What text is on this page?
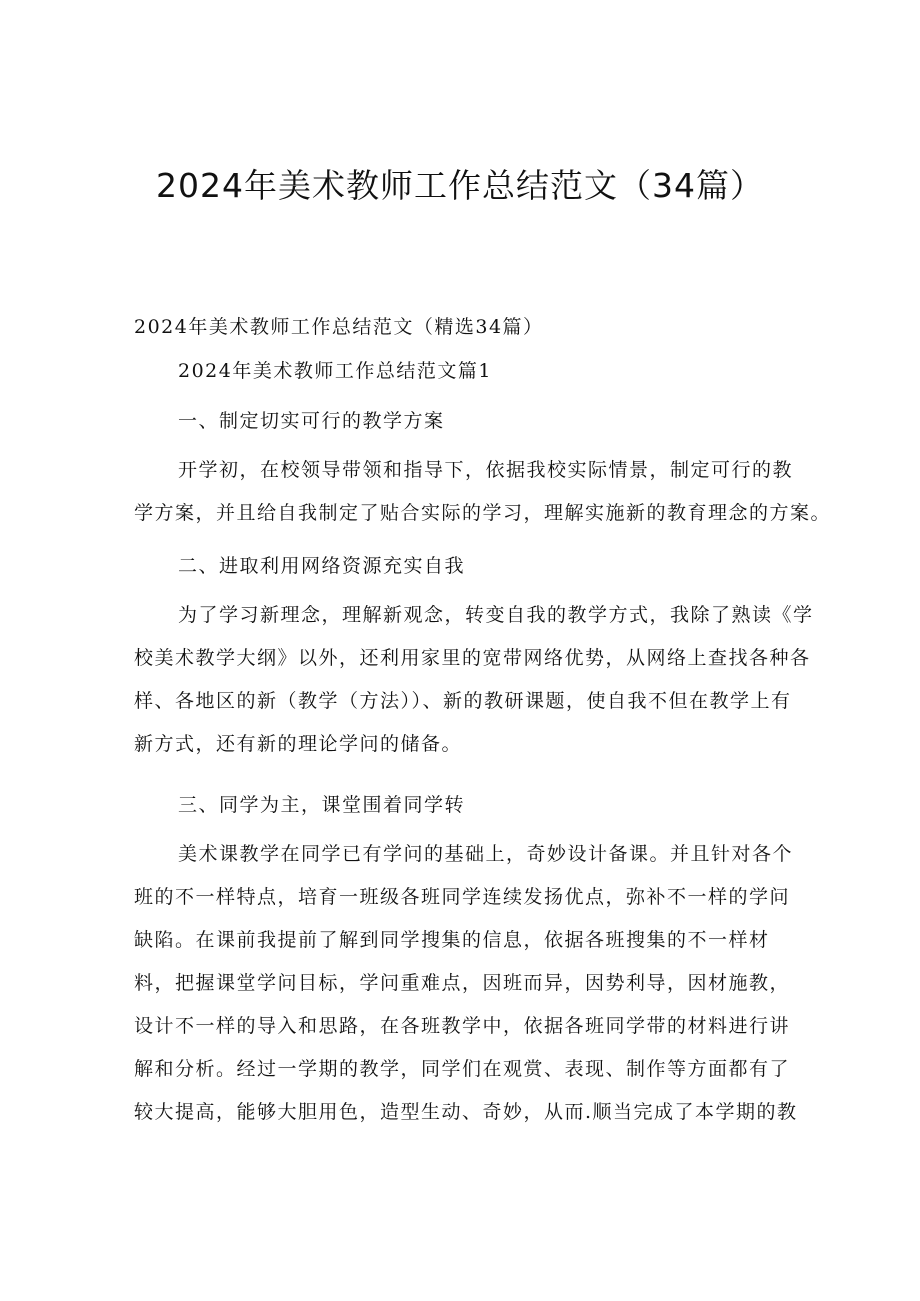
2024年美术教师工作总结范文（34篇）
2024年美术教师工作总结范文（精选34篇）
2024年美术教师工作总结范文篇1
一、制定切实可行的教学方案
开学初，在校领导带领和指导下，依据我校实际情景，制定可行的教
学方案，并且给自我制定了贴合实际的学习，理解实施新的教育理念的方案。
二、进取利用网络资源充实自我
为了学习新理念，理解新观念，转变自我的教学方式，我除了熟读《学
校美术教学大纲》以外，还利用家里的宽带网络优势，从网络上查找各种各
样、各地区的新（教学（方法））、新的教研课题，使自我不但在教学上有
新方式，还有新的理论学问的储备。
三、同学为主，课堂围着同学转
美术课教学在同学已有学问的基础上，奇妙设计备课。并且针对各个
班的不一样特点，培育一班级各班同学连续发扬优点，弥补不一样的学问
缺陷。在课前我提前了解到同学搜集的信息，依据各班搜集的不一样材
料，把握课堂学问目标，学问重难点，因班而异，因势利导，因材施教，
设计不一样的导入和思路，在各班教学中，依据各班同学带的材料进行讲
解和分析。经过一学期的教学，同学们在观赏、表现、制作等方面都有了
较大提高，能够大胆用色，造型生动、奇妙，从而.顺当完成了本学期的教
